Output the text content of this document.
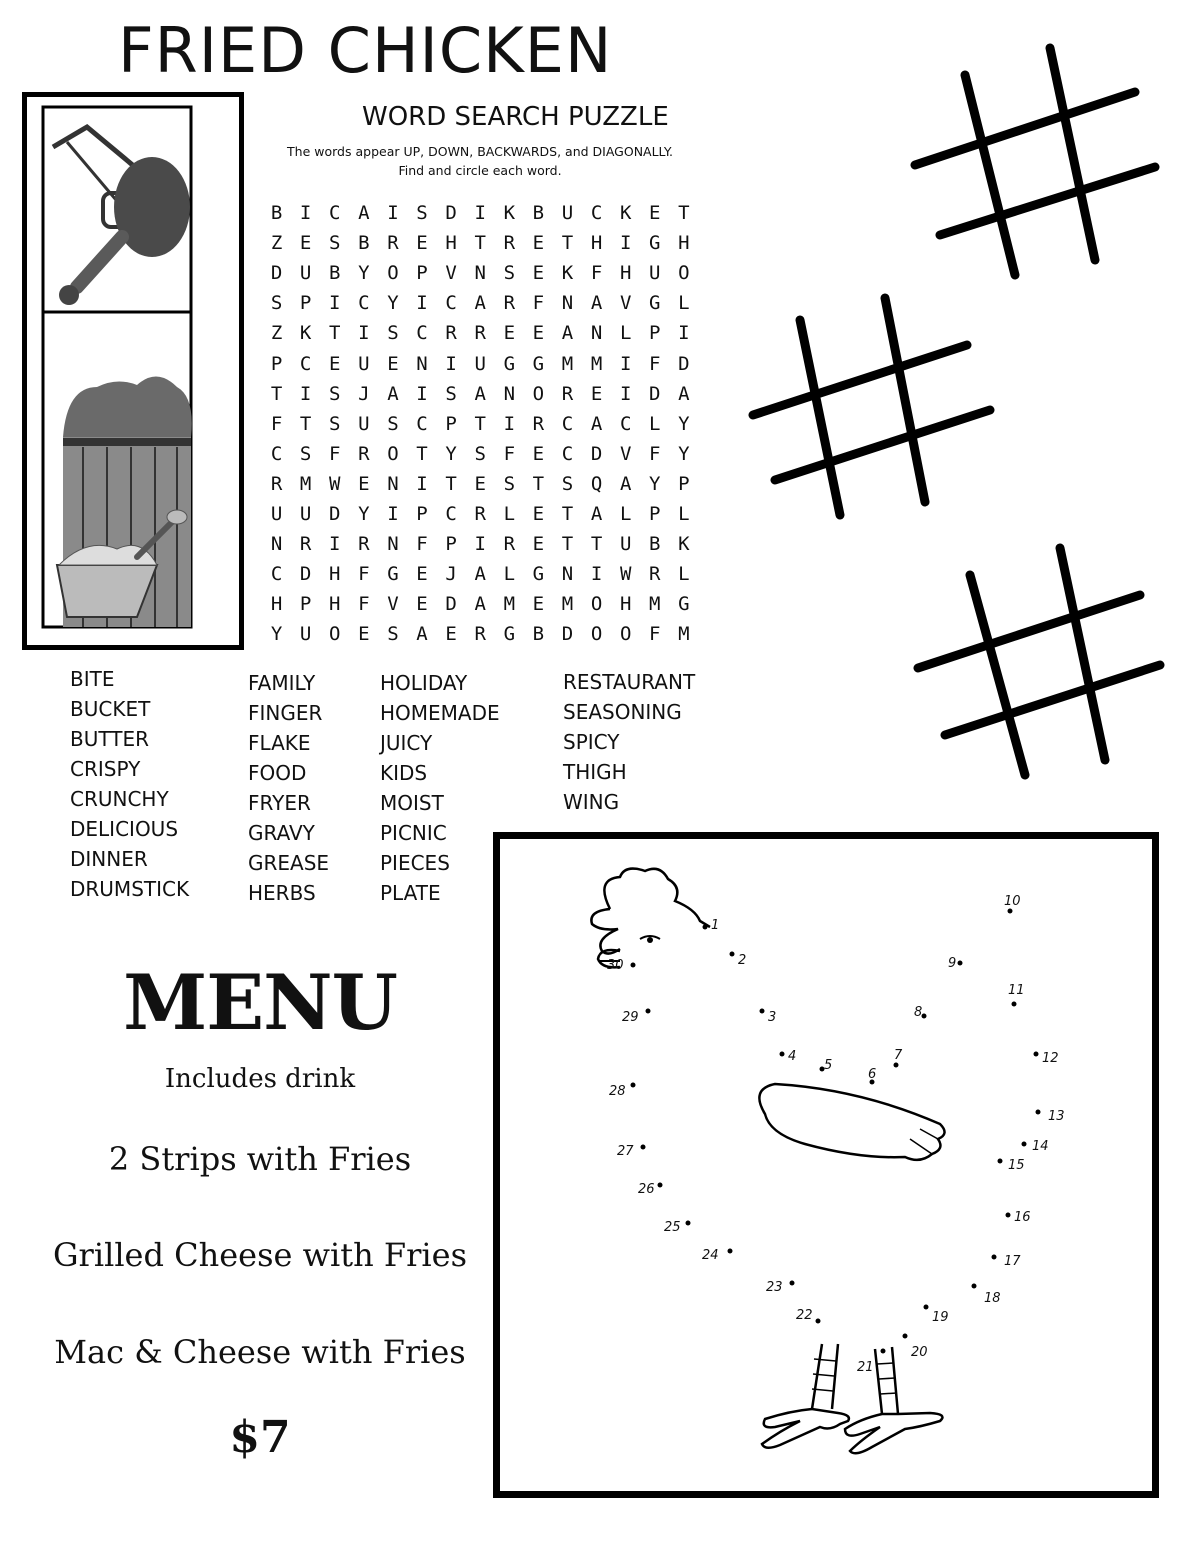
FRIED CHICKEN
WORD SEARCH PUZZLE
The words appear UP, DOWN, BACKWARDS, and DIAGONALLY.
Find and circle each word.
B I C A I S D I K B U C K E T
Z E S B R E H T R E T H I G H
D U B Y O P V N S E K F H U O
S P I C Y I C A R F N A V G L
Z K T I S C R R E E A N L P I
P C E U E N I U G G M M I F D
T I S J A I S A N O R E I D A
F T S U S C P T I R C A C L Y
C S F R O T Y S F E C D V F Y
R M W E N I T E S T S Q A Y P
U U D Y I P C R L E T A L P L
N R I R N F P I R E T T U B K
C D H F G E J A L G N I W R L
H P H F V E D A M E M O H M G
Y U O E S A E R G B D O O F M
BITE
BUCKET
BUTTER
CRISPY
CRUNCHY
DELICIOUS
DINNER
DRUMSTICK
FAMILY
FINGER
FLAKE
FOOD
FRYER
GRAVY
GREASE
HERBS
HOLIDAY
HOMEMADE
JUICY
KIDS
MOIST
PICNIC
PIECES
PLATE
RESTAURANT
SEASONING
SPICY
THIGH
WING
MENU
Includes drink
2 Strips with Fries
Grilled Cheese with Fries
Mac & Cheese with Fries
$7
1
2
3
4
5
6
7
8
9
10
11
12
13
14
15
16
17
18
19
20
21
22
23
24
25
26
27
28
29
30
